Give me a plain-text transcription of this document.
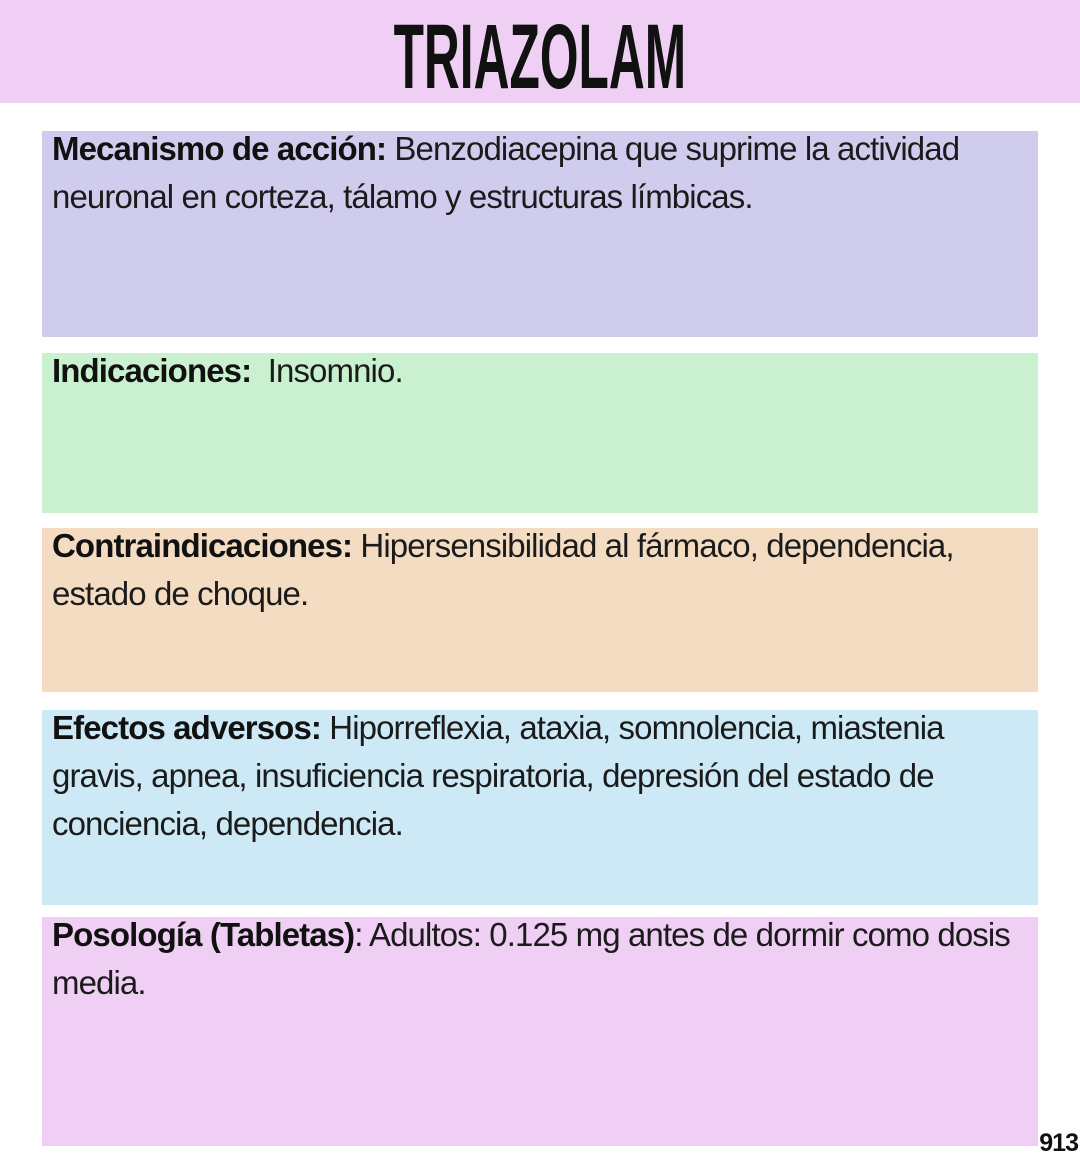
TRIAZOLAM

Mecanismo de acción: Benzodiacepina que suprime la actividad neuronal en corteza, tálamo y estructuras límbicas.

Indicaciones:  Insomnio.

Contraindicaciones: Hipersensibilidad al fármaco, dependencia, estado de choque.

Efectos adversos: Hiporreflexia, ataxia, somnolencia, miastenia gravis, apnea, insuficiencia respiratoria, depresión del estado de conciencia, dependencia.

Posología (Tabletas): Adultos: 0.125 mg antes de dormir como dosis media.

913
